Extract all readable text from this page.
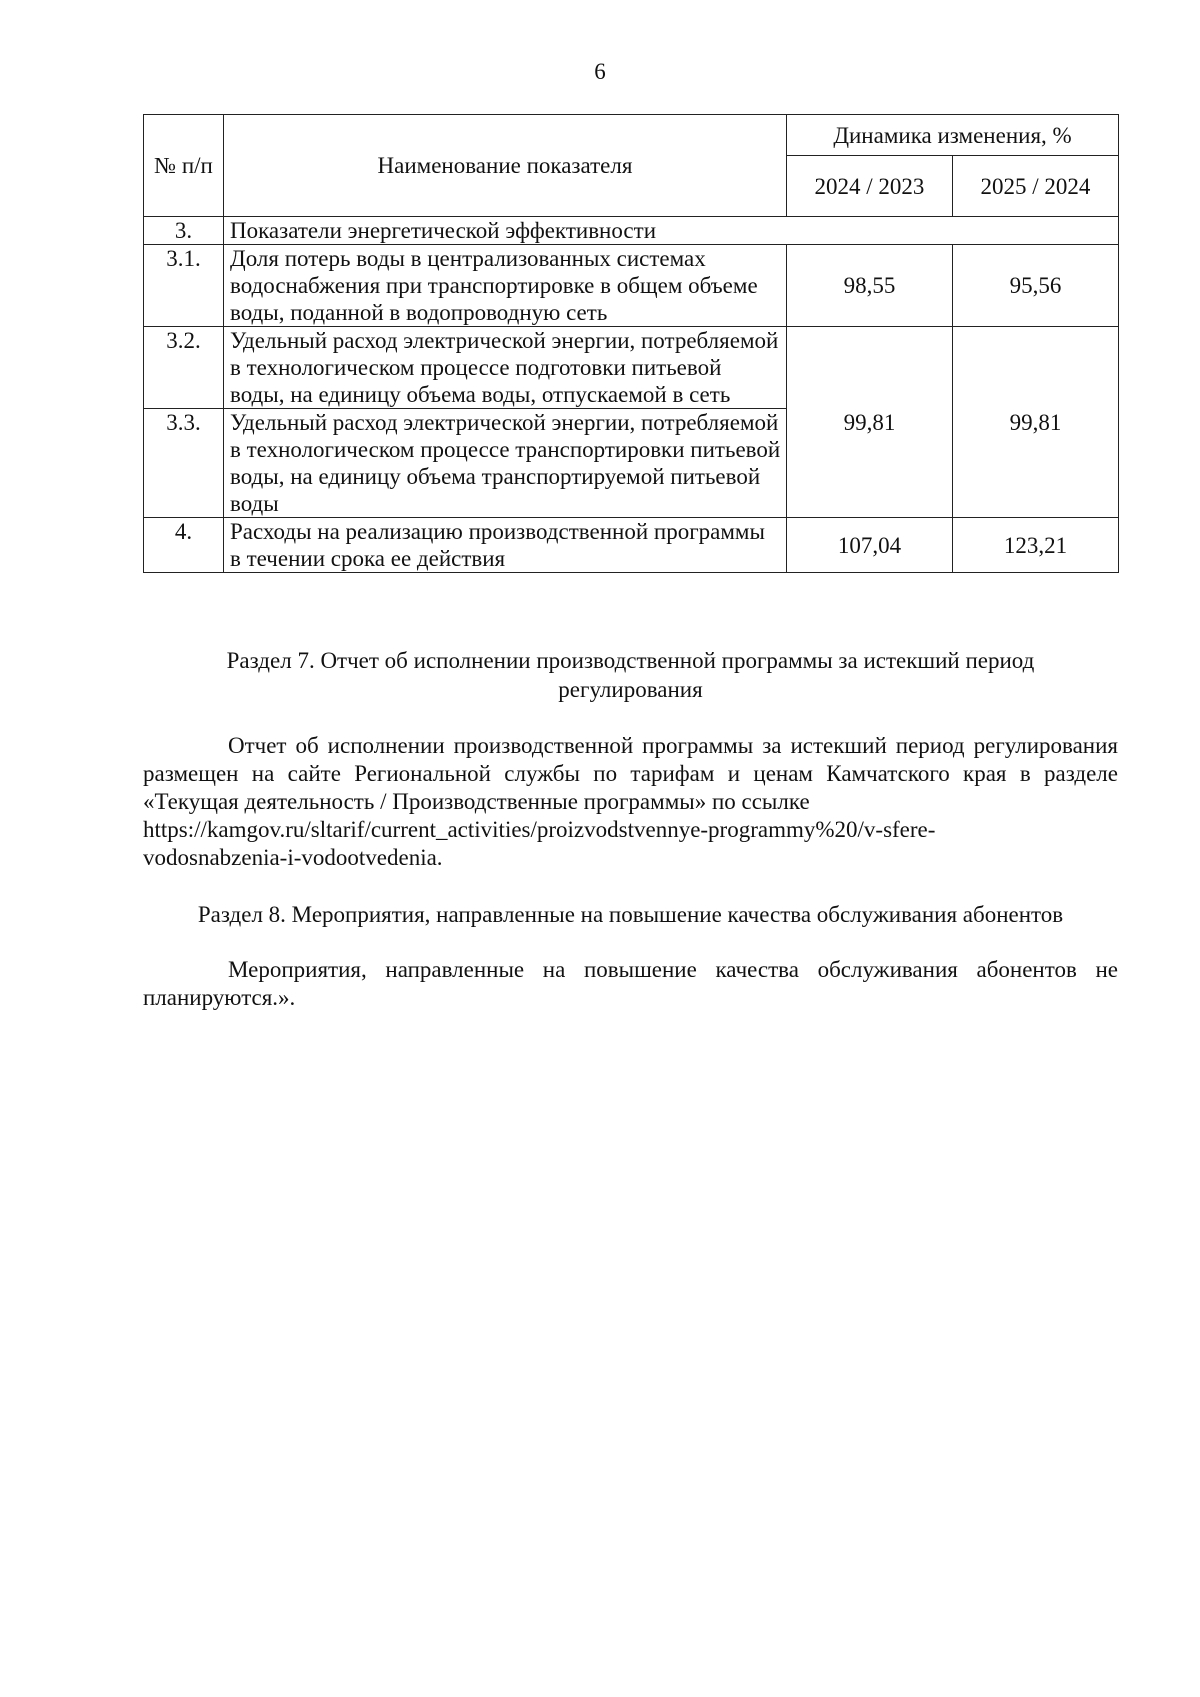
6
№ п/п	Наименование показателя	Динамика изменения, %	
		2024 / 2023	2025 / 2024
3.	Показатели энергетической эффективности		
3.1.	Доля потерь воды в централизованных системах водоснабжения при транспортировке в общем объеме воды, поданной в водопроводную сеть	98,55	95,56
3.2.	Удельный расход электрической энергии, потребляемой в технологическом процессе подготовки питьевой воды, на единицу объема воды, отпускаемой в сеть	99,81	99,81
3.3.	Удельный расход электрической энергии, потребляемой в технологическом процессе транспортировки питьевой воды, на единицу объема транспортируемой питьевой воды		
4.	Расходы на реализацию производственной программы в течении срока ее действия	107,04	123,21
Раздел 7. Отчет об исполнении производственной программы за истекший период
регулирования
Отчет об исполнении производственной программы за истекший период регулирования размещен на сайте Региональной службы по тарифам и ценам Камчатского края в разделе «Текущая деятельность / Производственные программы» по ссылке
https://kamgov.ru/sltarif/current_activities/proizvodstvennye-programmy%20/v-sfere-
vodosnabzenia-i-vodootvedenia.
Раздел 8. Мероприятия, направленные на повышение качества обслуживания абонентов
Мероприятия, направленные на повышение качества обслуживания абонентов не планируются.».
